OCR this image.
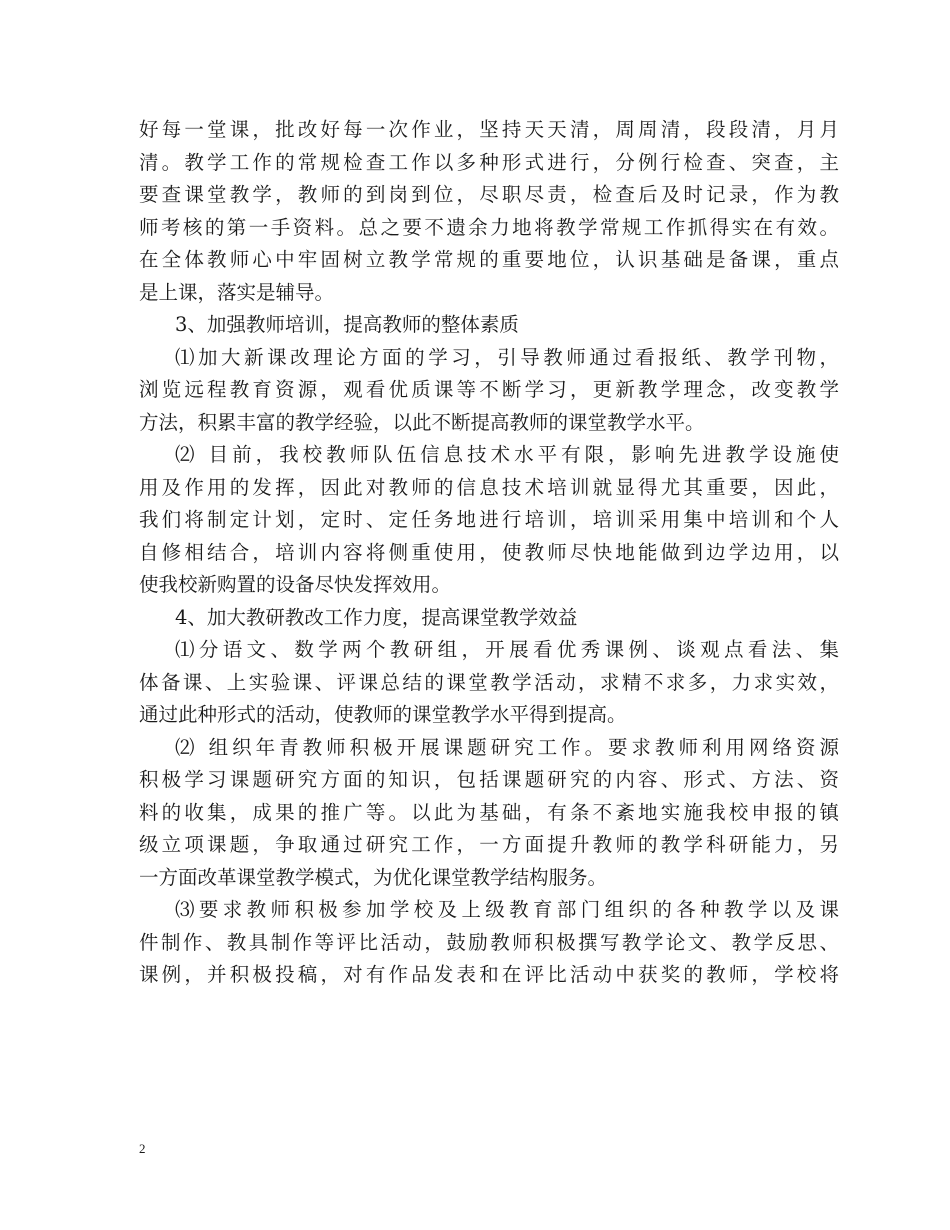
好每一堂课，批改好每一次作业，坚持天天清，周周清，段段清，月月
清。教学工作的常规检查工作以多种形式进行，分例行检查、突查，主
要查课堂教学，教师的到岗到位，尽职尽责，检查后及时记录，作为教
师考核的第一手资料。总之要不遗余力地将教学常规工作抓得实在有效。
在全体教师心中牢固树立教学常规的重要地位，认识基础是备课，重点
是上课，落实是辅导。
3、加强教师培训，提高教师的整体素质
⑴加大新课改理论方面的学习，引导教师通过看报纸、教学刊物，
浏览远程教育资源，观看优质课等不断学习，更新教学理念，改变教学
方法，积累丰富的教学经验，以此不断提高教师的课堂教学水平。
⑵ 目前，我校教师队伍信息技术水平有限，影响先进教学设施使
用及作用的发挥，因此对教师的信息技术培训就显得尤其重要，因此，
我们将制定计划，定时、定任务地进行培训，培训采用集中培训和个人
自修相结合，培训内容将侧重使用，使教师尽快地能做到边学边用，以
使我校新购置的设备尽快发挥效用。
4、加大教研教改工作力度，提高课堂教学效益
⑴分语文、数学两个教研组，开展看优秀课例、谈观点看法、集
体备课、上实验课、评课总结的课堂教学活动，求精不求多，力求实效，
通过此种形式的活动，使教师的课堂教学水平得到提高。
⑵ 组织年青教师积极开展课题研究工作。要求教师利用网络资源
积极学习课题研究方面的知识，包括课题研究的内容、形式、方法、资
料的收集，成果的推广等。以此为基础，有条不紊地实施我校申报的镇
级立项课题，争取通过研究工作，一方面提升教师的教学科研能力，另
一方面改革课堂教学模式，为优化课堂教学结构服务。
⑶要求教师积极参加学校及上级教育部门组织的各种教学以及课
件制作、教具制作等评比活动，鼓励教师积极撰写教学论文、教学反思、
课例，并积极投稿，对有作品发表和在评比活动中获奖的教师，学校将
2
